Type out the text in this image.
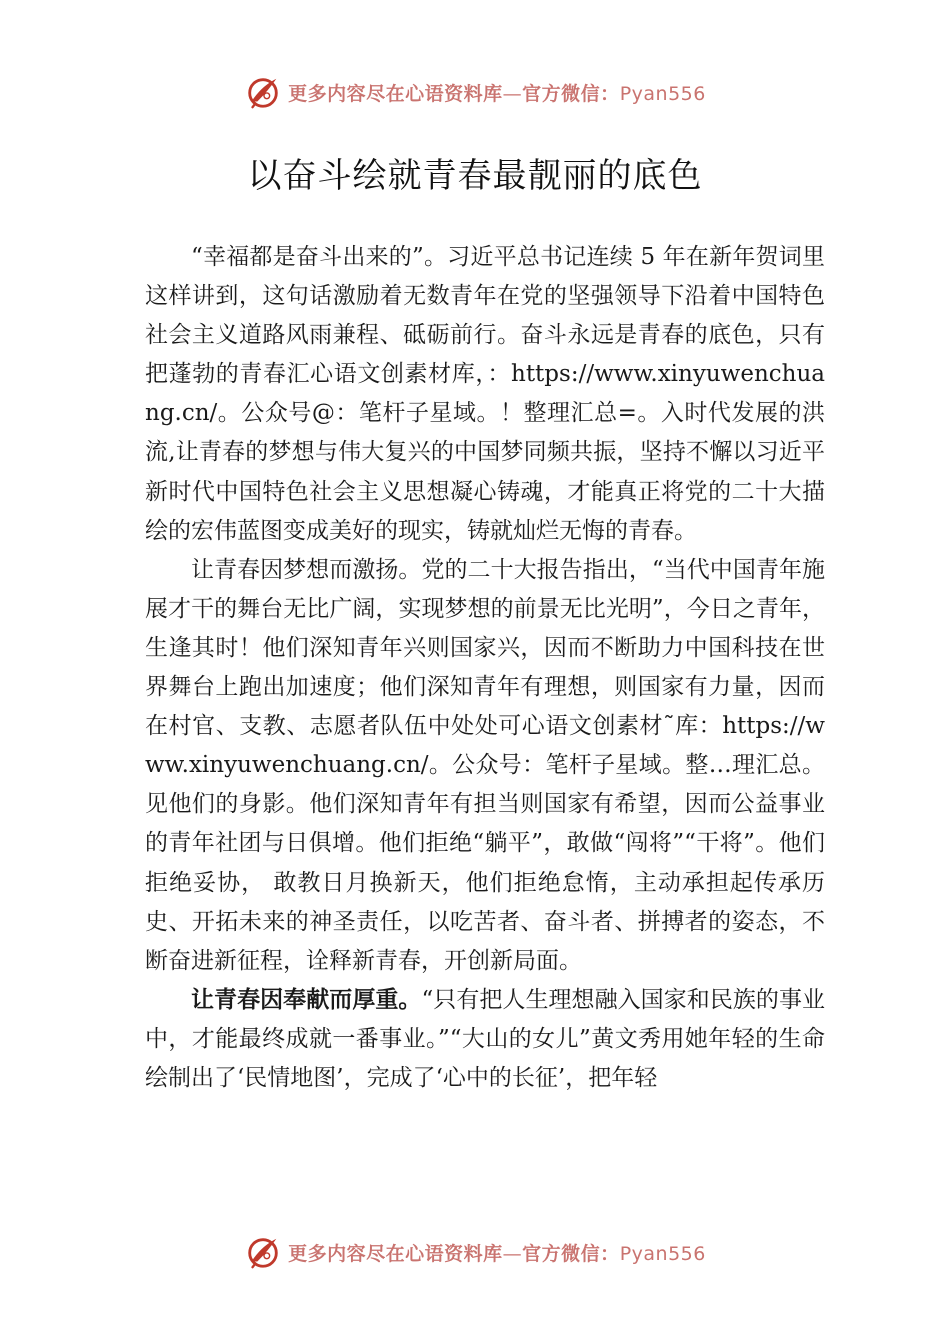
更多内容尽在心语资料库—官方微信：Pyan556
以奋斗绘就青春最靓丽的底色

“幸福都是奋斗出来的”。习近平总书记连续 5 年在新年贺词里这样讲到，这句话激励着无数青年在党的坚强领导下沿着中国特色社会主义道路风雨兼程、砥砺前行。奋斗永远是青春的底色，只有把蓬勃的青春汇心语文创素材库，：https://www.xinyuwenchuang.cn/。公众号@：笔杆子星域。！整理汇总=。入时代发展的洪流,让青春的梦想与伟大复兴的中国梦同频共振，坚持不懈以习近平新时代中国特色社会主义思想凝心铸魂，才能真正将党的二十大描绘的宏伟蓝图变成美好的现实，铸就灿烂无悔的青春。

让青春因梦想而激扬。党的二十大报告指出，“当代中国青年施展才干的舞台无比广阔，实现梦想的前景无比光明”，今日之青年，生逢其时！他们深知青年兴则国家兴，因而不断助力中国科技在世界舞台上跑出加速度；他们深知青年有理想，则国家有力量，因而在村官、支教、志愿者队伍中处处可心语文创素材˜库：https://www.xinyuwenchuang.cn/。公众号：笔杆子星域。整…理汇总。见他们的身影。他们深知青年有担当则国家有希望，因而公益事业的青年社团与日俱增。他们拒绝“躺平”，敢做“闯将”“干将”。他们拒绝妥协， 敢教日月换新天，他们拒绝怠惰，主动承担起传承历史、开拓未来的神圣责任，以吃苦者、奋斗者、拼搏者的姿态，不断奋进新征程，诠释新青春，开创新局面。

让青春因奉献而厚重。“只有把人生理想融入国家和民族的事业中，才能最终成就一番事业。”“大山的女儿”黄文秀用她年轻的生命绘制出了‘民情地图’，完成了‘心中的长征’，把年轻

更多内容尽在心语资料库—官方微信：Pyan556
